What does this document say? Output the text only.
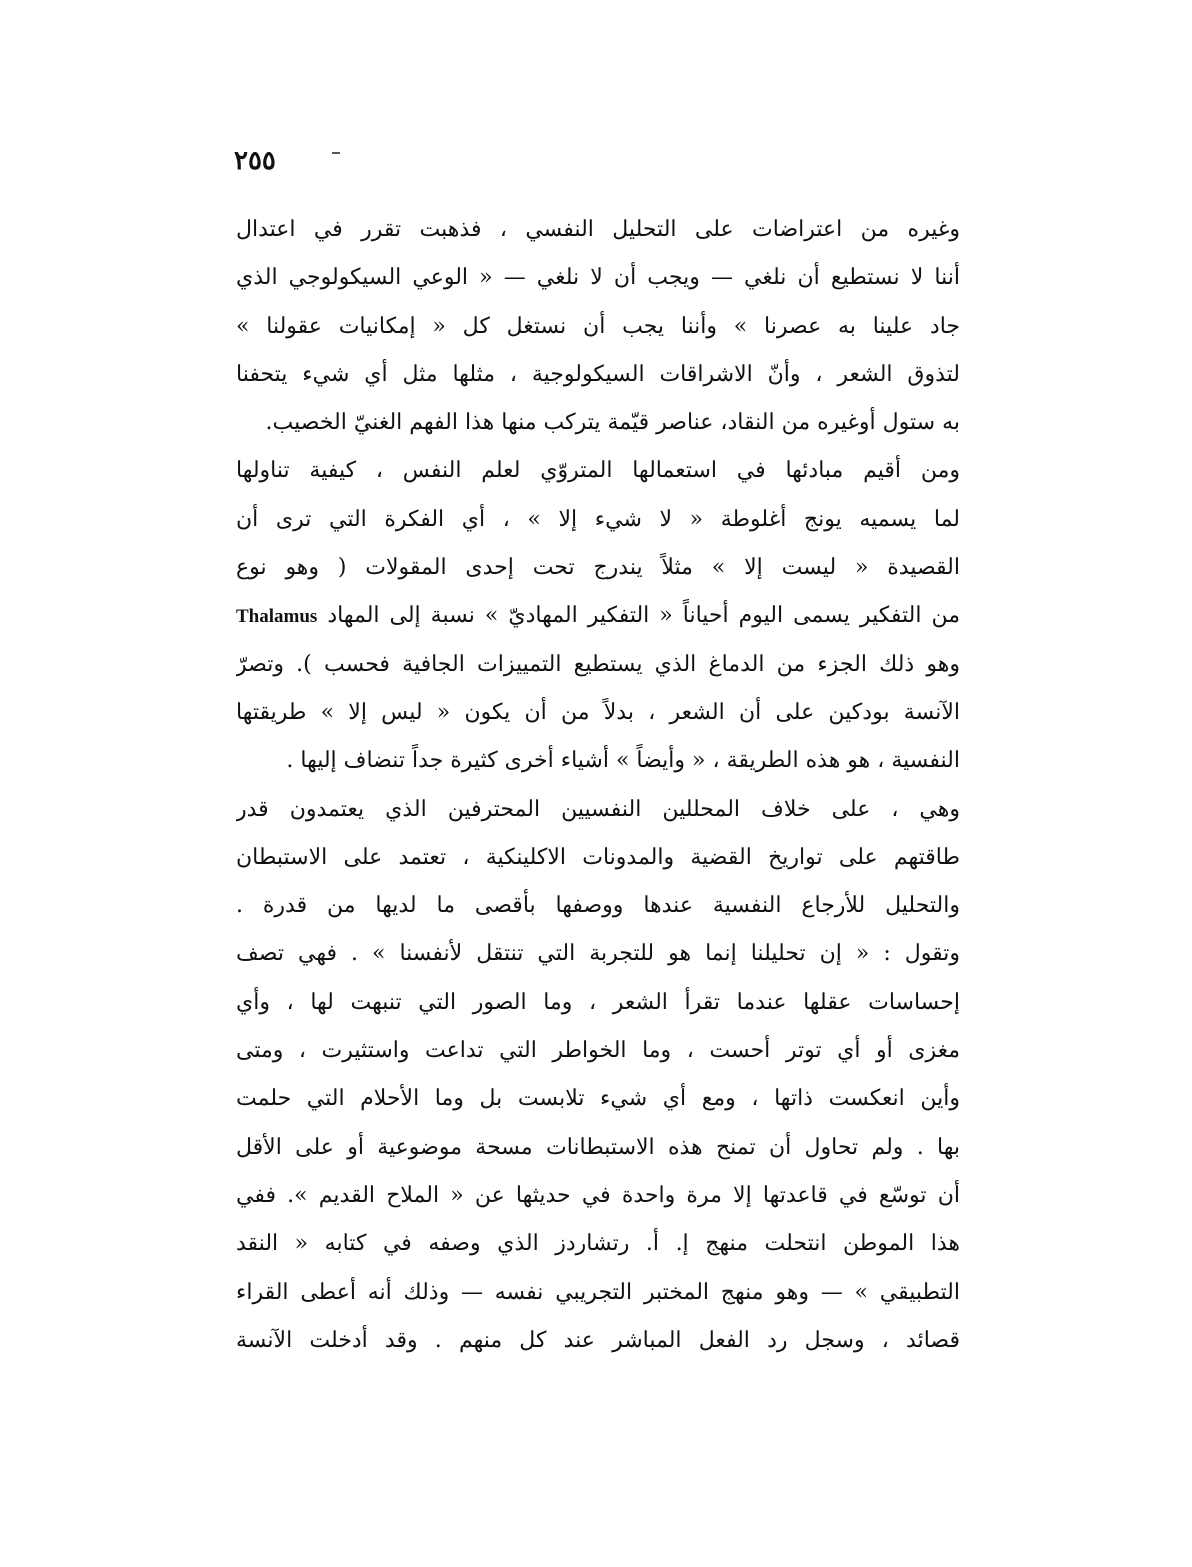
٢٥٥
وغيره من اعتراضات على التحليل النفسي ، فذهبت تقرر في اعتدال
أننا لا نستطيع أن نلغي — ويجب أن لا نلغي — « الوعي السيكولوجي الذي
جاد علينا به عصرنا » وأننا يجب أن نستغل كل « إمكانيات عقولنا »
لتذوق الشعر ، وأنّ الاشراقات السيكولوجية ، مثلها مثل أي شيء يتحفنا
به ستول أوغيره من النقاد، عناصر قيّمة يتركب منها هذا الفهم الغنيّ الخصيب.
ومن أقيم مبادئها في استعمالها المتروّي لعلم النفس ، كيفية تناولها
لما يسميه يونج أغلوطة « لا شيء إلا » ، أي الفكرة التي ترى أن
القصيدة « ليست إلا » مثلاً يندرج تحت إحدى المقولات ( وهو نوع
من التفكير يسمى اليوم أحياناً « التفكير المهاديّ » نسبة إلى المهاد Thalamus
وهو ذلك الجزء من الدماغ الذي يستطيع التمييزات الجافية فحسب ). وتصرّ
الآنسة بودكين على أن الشعر ، بدلاً من أن يكون « ليس إلا » طريقتها
النفسية ، هو هذه الطريقة ، « وأيضاً » أشياء أخرى كثيرة جداً تنضاف إليها .
وهي ، على خلاف المحللين النفسيين المحترفين الذي يعتمدون قدر
طاقتهم على تواريخ القضية والمدونات الاكلينكية ، تعتمد على الاستبطان
والتحليل للأرجاع النفسية عندها ووصفها بأقصى ما لديها من قدرة .
وتقول : « إن تحليلنا إنما هو للتجربة التي تنتقل لأنفسنا » . فهي تصف
إحساسات عقلها عندما تقرأ الشعر ، وما الصور التي تنبهت لها ، وأي
مغزى أو أي توتر أحست ، وما الخواطر التي تداعت واستثيرت ، ومتى
وأين انعكست ذاتها ، ومع أي شيء تلابست بل وما الأحلام التي حلمت
بها . ولم تحاول أن تمنح هذه الاستبطانات مسحة موضوعية أو على الأقل
أن توسّع في قاعدتها إلا مرة واحدة في حديثها عن « الملاح القديم ». ففي
هذا الموطن انتحلت منهج إ. أ. رتشاردز الذي وصفه في كتابه « النقد
التطبيقي » — وهو منهج المختبر التجريبي نفسه — وذلك أنه أعطى القراء
قصائد ، وسجل رد الفعل المباشر عند كل منهم . وقد أدخلت الآنسة
